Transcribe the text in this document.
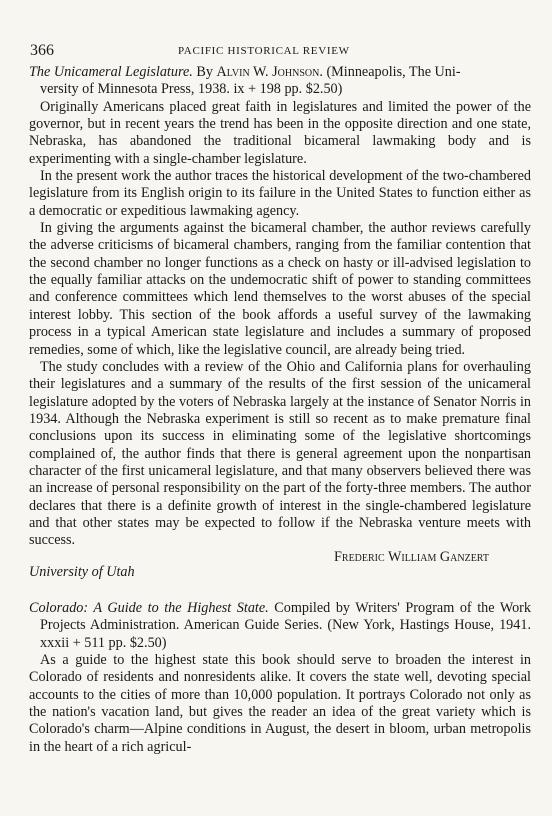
366	PACIFIC HISTORICAL REVIEW

The Unicameral Legislature. By Alvin W. Johnson. (Minneapolis, The Uni-
versity of Minnesota Press, 1938. ix + 198 pp. $2.50)

Originally Americans placed great faith in legislatures and limited the power of the governor, but in recent years the trend has been in the opposite direction and one state, Nebraska, has abandoned the traditional bicameral lawmaking body and is experimenting with a single-chamber legislature.

In the present work the author traces the historical development of the two-chambered legislature from its English origin to its failure in the United States to function either as a democratic or expeditious lawmaking agency.

In giving the arguments against the bicameral chamber, the author reviews carefully the adverse criticisms of bicameral chambers, ranging from the familiar contention that the second chamber no longer functions as a check on hasty or ill-advised legislation to the equally familiar attacks on the undemocratic shift of power to standing committees and conference committees which lend themselves to the worst abuses of the special interest lobby. This section of the book affords a useful survey of the lawmaking process in a typical American state legislature and includes a summary of proposed remedies, some of which, like the legislative council, are already being tried.

The study concludes with a review of the Ohio and California plans for overhauling their legislatures and a summary of the results of the first session of the unicameral legislature adopted by the voters of Nebraska largely at the instance of Senator Norris in 1934. Although the Nebraska experiment is still so recent as to make premature final conclusions upon its success in eliminating some of the legislative shortcomings complained of, the author finds that there is general agreement upon the nonpartisan character of the first unicameral legislature, and that many observers believed there was an increase of personal responsibility on the part of the forty-three members. The author declares that there is a definite growth of interest in the single-chambered legislature and that other states may be expected to follow if the Nebraska venture meets with success.

Frederic William Ganzert
University of Utah

Colorado: A Guide to the Highest State. Compiled by Writers' Program of the Work Projects Administration. American Guide Series. (New York, Hastings House, 1941. xxxii + 511 pp. $2.50)

As a guide to the highest state this book should serve to broaden the interest in Colorado of residents and nonresidents alike. It covers the state well, devoting special accounts to the cities of more than 10,000 population. It portrays Colorado not only as the nation's vacation land, but gives the reader an idea of the great variety which is Colorado's charm—Alpine conditions in August, the desert in bloom, urban metropolis in the heart of a rich agricul-
